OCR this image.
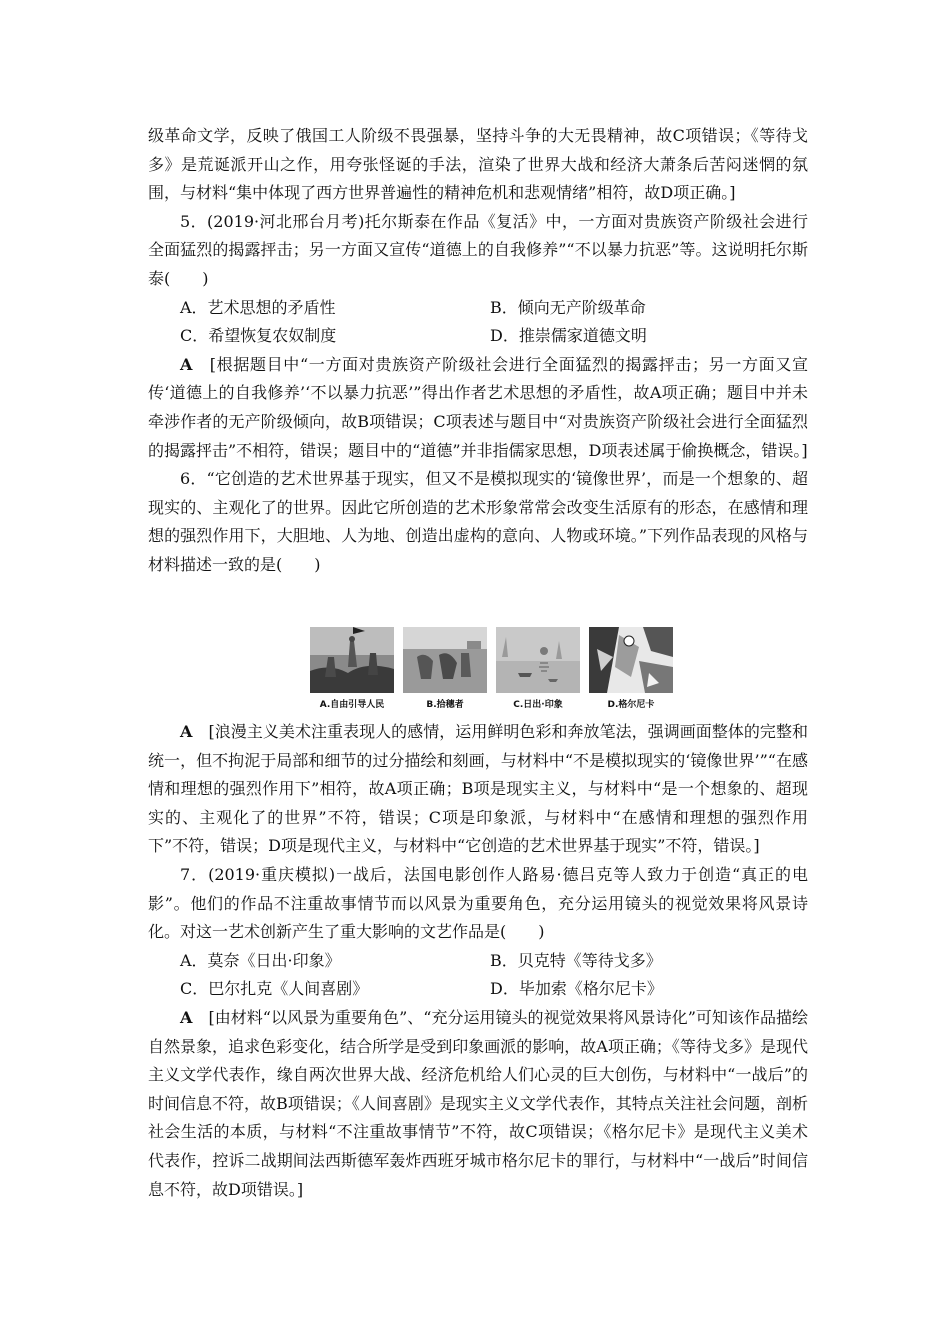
级革命文学，反映了俄国工人阶级不畏强暴，坚持斗争的大无畏精神，故C项错误；《等待戈多》是荒诞派开山之作，用夸张怪诞的手法，渲染了世界大战和经济大萧条后苦闷迷惘的氛围，与材料“集中体现了西方世界普遍性的精神危机和悲观情绪”相符，故D项正确。]

5．(2019·河北邢台月考)托尔斯泰在作品《复活》中，一方面对贵族资产阶级社会进行全面猛烈的揭露抨击；另一方面又宣传“道德上的自我修养”“不以暴力抗恶”等。这说明托尔斯泰(　　)

A．艺术思想的矛盾性	B．倾向无产阶级革命
C．希望恢复农奴制度	D．推崇儒家道德文明

A　 [根据题目中“一方面对贵族资产阶级社会进行全面猛烈的揭露抨击；另一方面又宣传‘道德上的自我修养’‘不以暴力抗恶’”得出作者艺术思想的矛盾性，故A项正确；题目中并未牵涉作者的无产阶级倾向，故B项错误；C项表述与题目中“对贵族资产阶级社会进行全面猛烈的揭露抨击”不相符，错误；题目中的“道德”并非指儒家思想，D项表述属于偷换概念，错误。]

6．“它创造的艺术世界基于现实，但又不是模拟现实的‘镜像世界’，而是一个想象的、超现实的、主观化了的世界。因此它所创造的艺术形象常常会改变生活原有的形态，在感情和理想的强烈作用下，大胆地、人为地、创造出虚构的意向、人物或环境。”下列作品表现的风格与材料描述一致的是(　　)

A.自由引导人民	B.拾穗者	C.日出·印象	D.格尔尼卡

A　 [浪漫主义美术注重表现人的感情，运用鲜明色彩和奔放笔法，强调画面整体的完整和统一，但不拘泥于局部和细节的过分描绘和刻画，与材料中“不是模拟现实的‘镜像世界’”“在感情和理想的强烈作用下”相符，故A项正确；B项是现实主义，与材料中“是一个想象的、超现实的、主观化了的世界”不符，错误；C项是印象派，与材料中“在感情和理想的强烈作用下”不符，错误；D项是现代主义，与材料中“它创造的艺术世界基于现实”不符，错误。]

7．(2019·重庆模拟)一战后，法国电影创作人路易·德吕克等人致力于创造“真正的电影”。他们的作品不注重故事情节而以风景为重要角色，充分运用镜头的视觉效果将风景诗化。对这一艺术创新产生了重大影响的文艺作品是(　　)

A．莫奈《日出·印象》	B．贝克特《等待戈多》
C．巴尔扎克《人间喜剧》	D．毕加索《格尔尼卡》

A　 [由材料“以风景为重要角色”、“充分运用镜头的视觉效果将风景诗化”可知该作品描绘自然景象，追求色彩变化，结合所学是受到印象画派的影响，故A项正确；《等待戈多》是现代主义文学代表作，缘自两次世界大战、经济危机给人们心灵的巨大创伤，与材料中“一战后”的时间信息不符，故B项错误；《人间喜剧》是现实主义文学代表作，其特点关注社会问题，剖析社会生活的本质，与材料“不注重故事情节”不符，故C项错误；《格尔尼卡》是现代主义美术代表作，控诉二战期间法西斯德军轰炸西班牙城市格尔尼卡的罪行，与材料中“一战后”时间信息不符，故D项错误。]
